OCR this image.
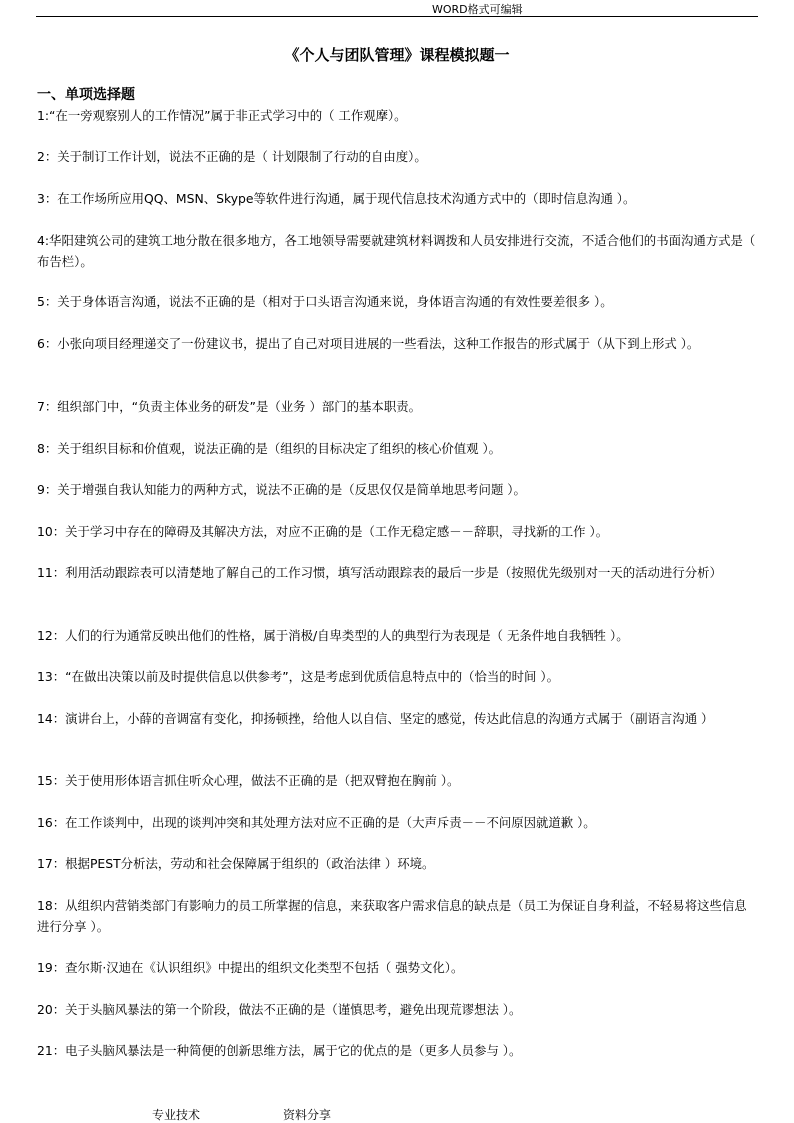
WORD格式可编辑
《个人与团队管理》课程模拟题一
一、单项选择题
1:“在一旁观察别人的工作情况”属于非正式学习中的（ 工作观摩）。
2：关于制订工作计划，说法不正确的是（ 计划限制了行动的自由度）。
3：在工作场所应用QQ、MSN、Skype等软件进行沟通，属于现代信息技术沟通方式中的（即时信息沟通 ）。
4:华阳建筑公司的建筑工地分散在很多地方，各工地领导需要就建筑材料调拨和人员安排进行交流，不适合他们的书面沟通方式是（ 布告栏）。
5：关于身体语言沟通，说法不正确的是（相对于口头语言沟通来说，身体语言沟通的有效性要差很多 ）。
6：小张向项目经理递交了一份建议书，提出了自己对项目进展的一些看法，这种工作报告的形式属于（从下到上形式 ）。
7：组织部门中，“负责主体业务的研发”是（业务 ）部门的基本职责。
8：关于组织目标和价值观，说法正确的是（组织的目标决定了组织的核心价值观 ）。
9：关于增强自我认知能力的两种方式，说法不正确的是（反思仅仅是简单地思考问题 ）。
10：关于学习中存在的障碍及其解决方法，对应不正确的是（工作无稳定感－－辞职，寻找新的工作 ）。
11：利用活动跟踪表可以清楚地了解自己的工作习惯，填写活动跟踪表的最后一步是（按照优先级别对一天的活动进行分析）
12：人们的行为通常反映出他们的性格，属于消极/自卑类型的人的典型行为表现是（ 无条件地自我牺牲 ）。
13：“在做出决策以前及时提供信息以供参考”，这是考虑到优质信息特点中的（恰当的时间 ）。
14：演讲台上，小薛的音调富有变化，抑扬顿挫，给他人以自信、坚定的感觉，传达此信息的沟通方式属于（副语言沟通 ）
15：关于使用形体语言抓住听众心理，做法不正确的是（把双臂抱在胸前 ）。
16：在工作谈判中，出现的谈判冲突和其处理方法对应不正确的是（大声斥责－－不问原因就道歉 ）。
17：根据PEST分析法，劳动和社会保障属于组织的（政治法律 ）环境。
18：从组织内营销类部门有影响力的员工所掌握的信息，来获取客户需求信息的缺点是（员工为保证自身利益，不轻易将这些信息进行分享 ）。
19：查尔斯·汉迪在《认识组织》中提出的组织文化类型不包括（ 强势文化）。
20：关于头脑风暴法的第一个阶段，做法不正确的是（谨慎思考，避免出现荒谬想法 ）。
21：电子头脑风暴法是一种简便的创新思维方法，属于它的优点的是（更多人员参与 ）。
专业技术	资料分享
